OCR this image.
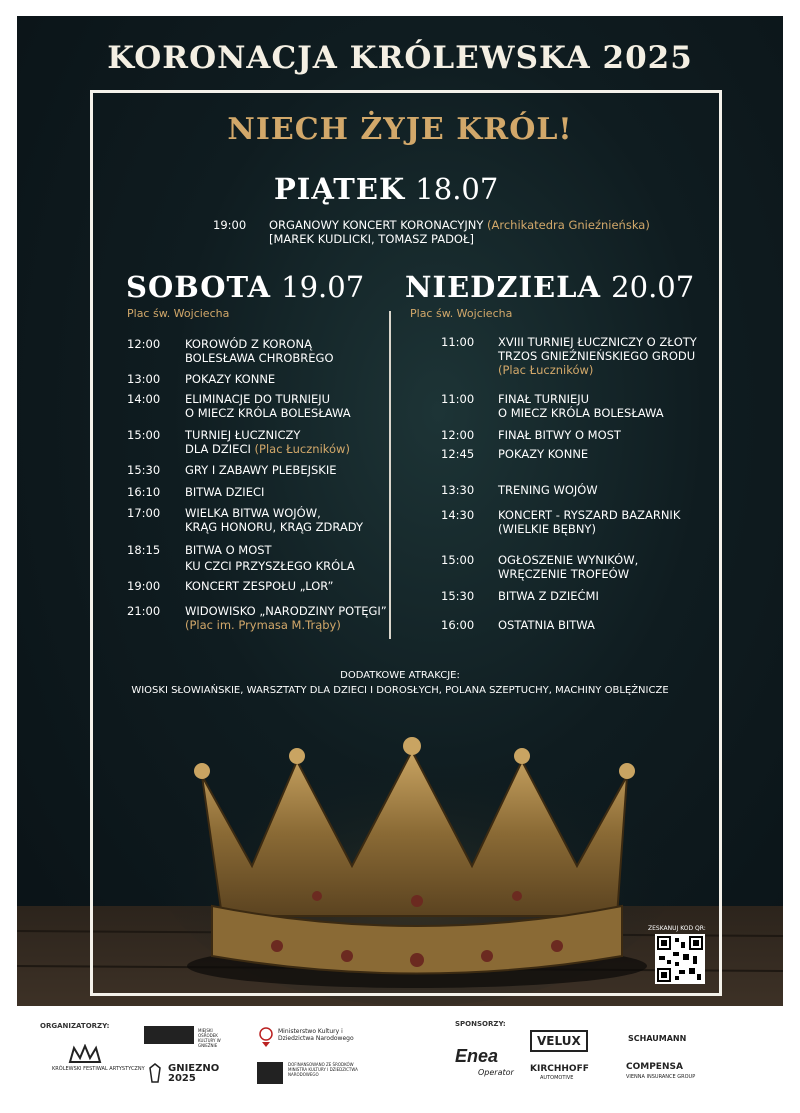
KORONACJA KRÓLEWSKA 2025
NIECH ŻYJE KRÓL!
PIĄTEK 18.07
19:00 ORGANOWY KONCERT KORONACYJNY (Archikatedra Gnieźnieńska)
[MAREK KUDLICKI, TOMASZ PADOŁ]
SOBOTA 19.07
Plac św. Wojciecha
NIEDZIELA 20.07
Plac św. Wojciecha
12:00 KOROWÓD Z KORONĄ
BOLESŁAWA CHROBREGO
13:00 POKAZY KONNE
14:00 ELIMINACJE DO TURNIEJU
O MIECZ KRÓLA BOLESŁAWA
15:00 TURNIEJ ŁUCZNICZY
DLA DZIECI (Plac Łuczników)
15:30 GRY I ZABAWY PLEBEJSKIE
16:10 BITWA DZIECI
17:00 WIELKA BITWA WOJÓW,
KRĄG HONORU, KRĄG ZDRADY
18:15 BITWA O MOST
KU CZCI PRZYSZŁEGO KRÓLA
19:00 KONCERT ZESPOŁU „LOR”
21:00 WIDOWISKO „NARODZINY POTĘGI”
(Plac im. Prymasa M.Trąby)
11:00 XVIII TURNIEJ ŁUCZNICZY O ZŁOTY
TRZOS GNIEŹNIEŃSKIEGO GRODU
(Plac Łuczników)
11:00 FINAŁ TURNIEJU
O MIECZ KRÓLA BOLESŁAWA
12:00 FINAŁ BITWY O MOST
12:45 POKAZY KONNE
13:30 TRENING WOJÓW
14:30 KONCERT - RYSZARD BAZARNIK
(WIELKIE BĘBNY)
15:00 OGŁOSZENIE WYNIKÓW,
WRĘCZENIE TROFEÓW
15:30 BITWA Z DZIEĆMI
16:00 OSTATNIA BITWA
DODATKOWE ATRAKCJE:
WIOSKI SŁOWIAŃSKIE, WARSZTATY DLA DZIECI I DOROSŁYCH, POLANA SZEPTUCHY, MACHINY OBLĘŻNICZE
ZESKANUJ KOD QR:
ORGANIZATORZY:	SPONSORZY:
KRÓLEWSKI FESTIWAL ARTYSTYCZNY
MIEJSKI OŚRODEK KULTURY W GNIEŹNIE
GNIEZNO 2025
Ministerstwo Kultury i Dziedzictwa Narodowego
DOFINANSOWANO ZE ŚRODKÓW MINISTRA KULTURY I DZIEDZICTWA NARODOWEGO
Enea
Operator
VELUX
KIRCHHOFF
AUTOMOTIVE
SCHAUMANN
COMPENSA
VIENNA INSURANCE GROUP
